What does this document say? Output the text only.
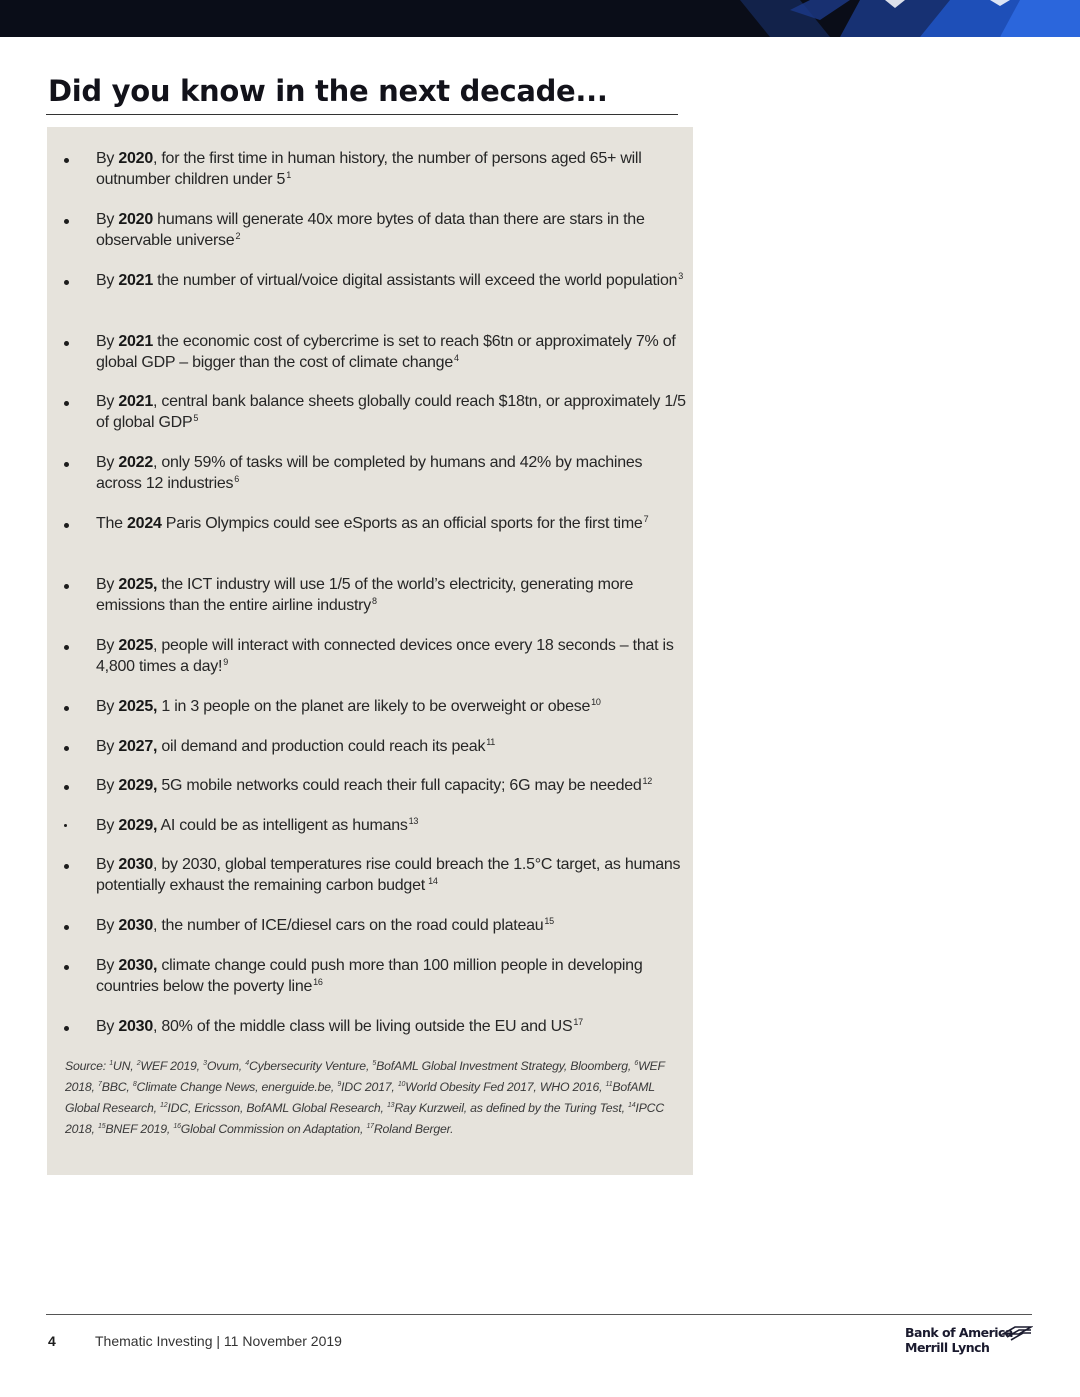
Did you know in the next decade...
By 2020, for the first time in human history, the number of persons aged 65+ will outnumber children under $5^1$
By 2020 humans will generate 40x more bytes of data than there are stars in the observable universe$^2$
By 2021 the number of virtual/voice digital assistants will exceed the world population$^3$
By 2021 the economic cost of cybercrime is set to reach $6tn or approximately 7% of global GDP – bigger than the cost of climate change$^4$
By 2021, central bank balance sheets globally could reach $18tn, or approximately 1/5 of global GDP$^5$
By 2022, only 59% of tasks will be completed by humans and 42% by machines across 12 industries$^6$
The 2024 Paris Olympics could see eSports as an official sports for the first time$^7$
By 2025, the ICT industry will use 1/5 of the world’s electricity, generating more emissions than the entire airline industry$^8$
By 2025, people will interact with connected devices once every 18 seconds – that is 4,800 times a day!$^9$
By 2025, 1 in 3 people on the planet are likely to be overweight or obese$^{10}$
By 2027, oil demand and production could reach its peak$^{11}$
By 2029, 5G mobile networks could reach their full capacity; 6G may be needed$^{12}$
By 2029, AI could be as intelligent as humans$^{13}$
By 2030, by 2030, global temperatures rise could breach the 1.5°C target, as humans potentially exhaust the remaining carbon budget $^{14}$
By 2030, the number of ICE/diesel cars on the road could plateau$^{15}$
By 2030, climate change could push more than 100 million people in developing countries below the poverty line$^{16}$
By 2030, 80% of the middle class will be living outside the EU and US$^{17}$
Source: $^1$UN, $^2$WEF 2019, $^3$Ovum, $^4$Cybersecurity Venture, $^5$BofAML Global Investment Strategy, Bloomberg, $^6$WEF 2018, $^7$BBC, $^8$Climate Change News, energuide.be, $^9$IDC 2017, $^{10}$World Obesity Fed 2017, WHO 2016, $^{11}$BofAML Global Research, $^{12}$IDC, Ericsson, BofAML Global Research, $^{13}$Ray Kurzweil, as defined by the Turing Test, $^{14}$IPCC 2018, $^{15}$BNEF 2019, $^{16}$Global Commission on Adaptation, $^{17}$Roland Berger.
4	Thematic Investing | 11 November 2019
Bank of America
Merrill Lynch
